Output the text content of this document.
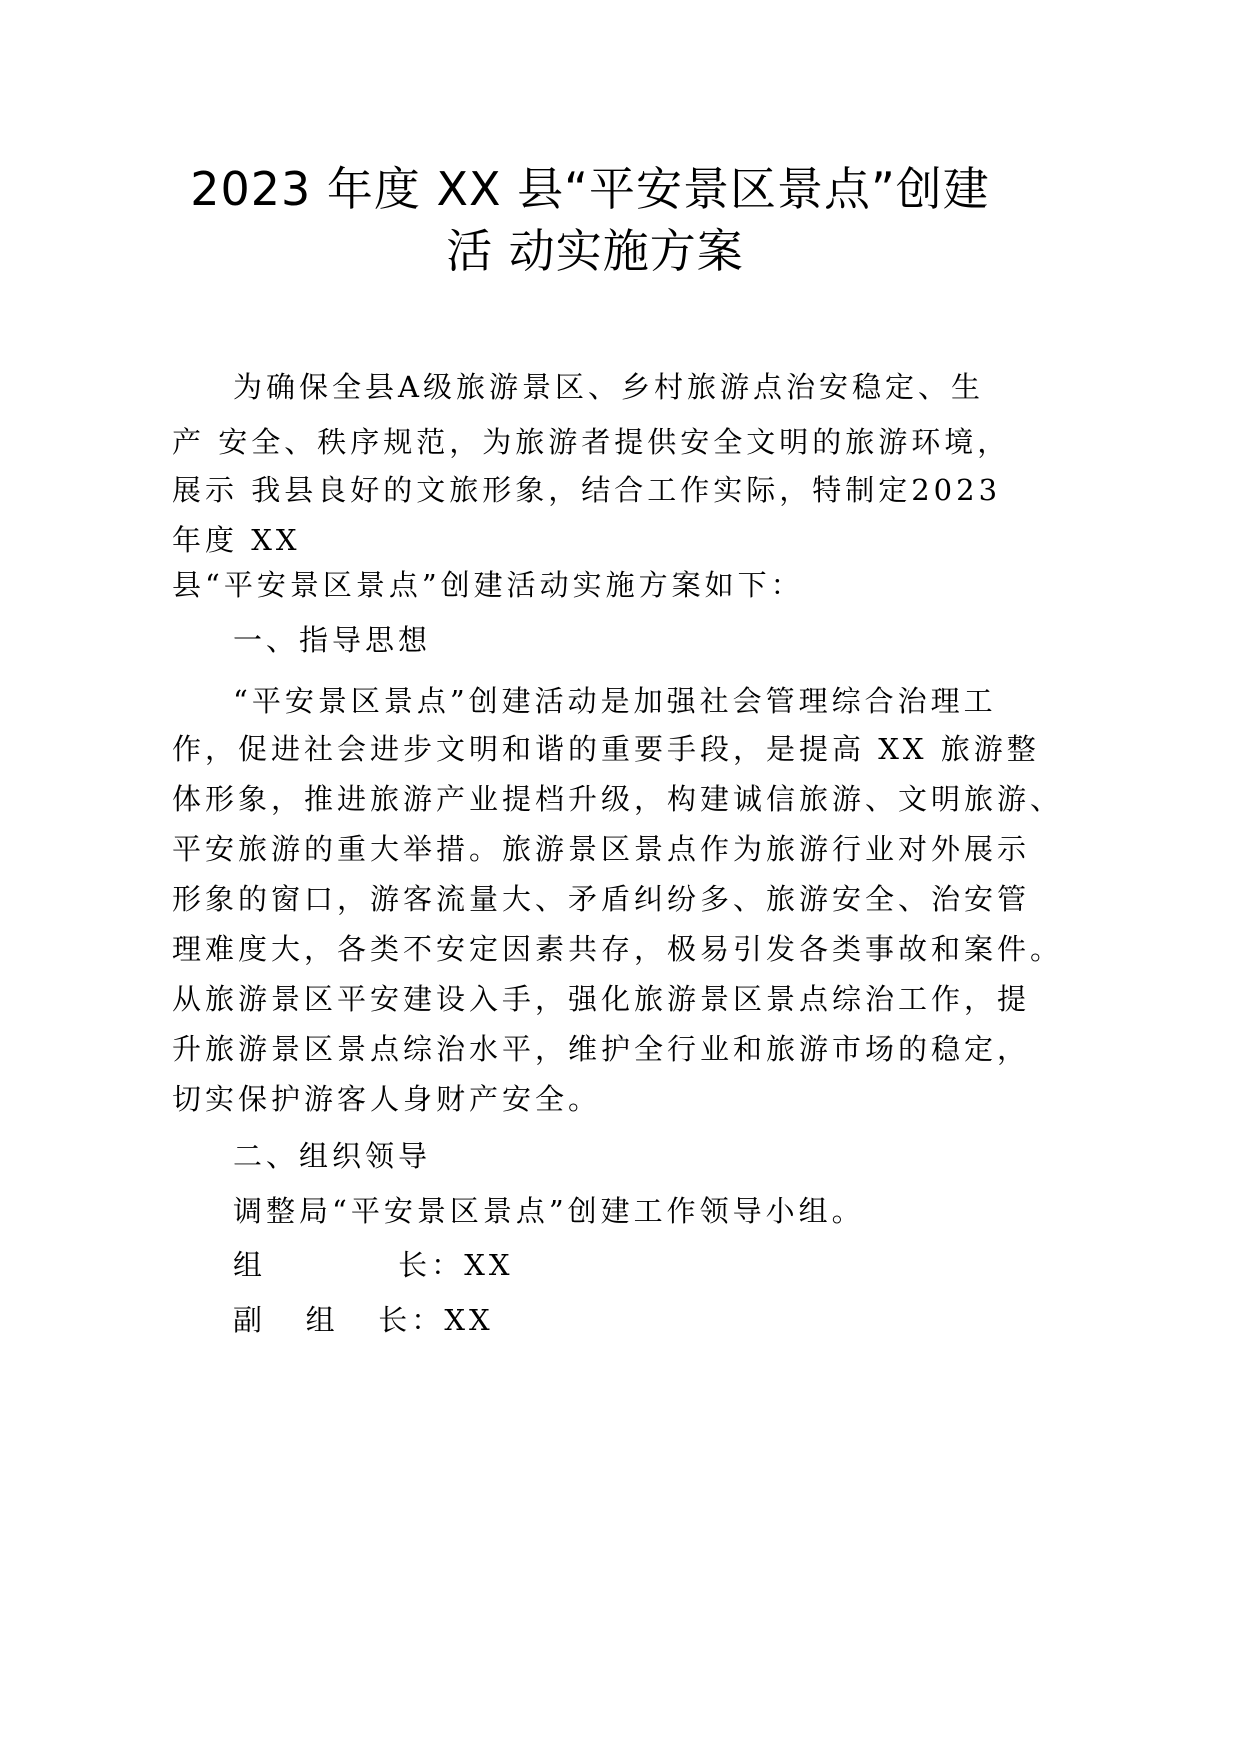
2023 年度 XX 县“平安景区景点”创建
活 动实施方案
为确保全县A级旅游景区、乡村旅游点治安稳定、生
产 安全、秩序规范，为旅游者提供安全文明的旅游环境，
展示 我县良好的文旅形象，结合工作实际，特制定2023
年度 XX
县“平安景区景点”创建活动实施方案如下：
一、指导思想
“平安景区景点”创建活动是加强社会管理综合治理工
作，促进社会进步文明和谐的重要手段，是提高 XX 旅游整
体形象，推进旅游产业提档升级，构建诚信旅游、文明旅游、
平安旅游的重大举措。旅游景区景点作为旅游行业对外展示
形象的窗口，游客流量大、矛盾纠纷多、旅游安全、治安管
理难度大，各类不安定因素共存，极易引发各类事故和案件。
从旅游景区平安建设入手，强化旅游景区景点综治工作，提
升旅游景区景点综治水平，维护全行业和旅游市场的稳定，
切实保护游客人身财产安全。
二、组织领导
调整局“平安景区景点”创建工作领导小组。
组          长：XX
副   组   长：XX
